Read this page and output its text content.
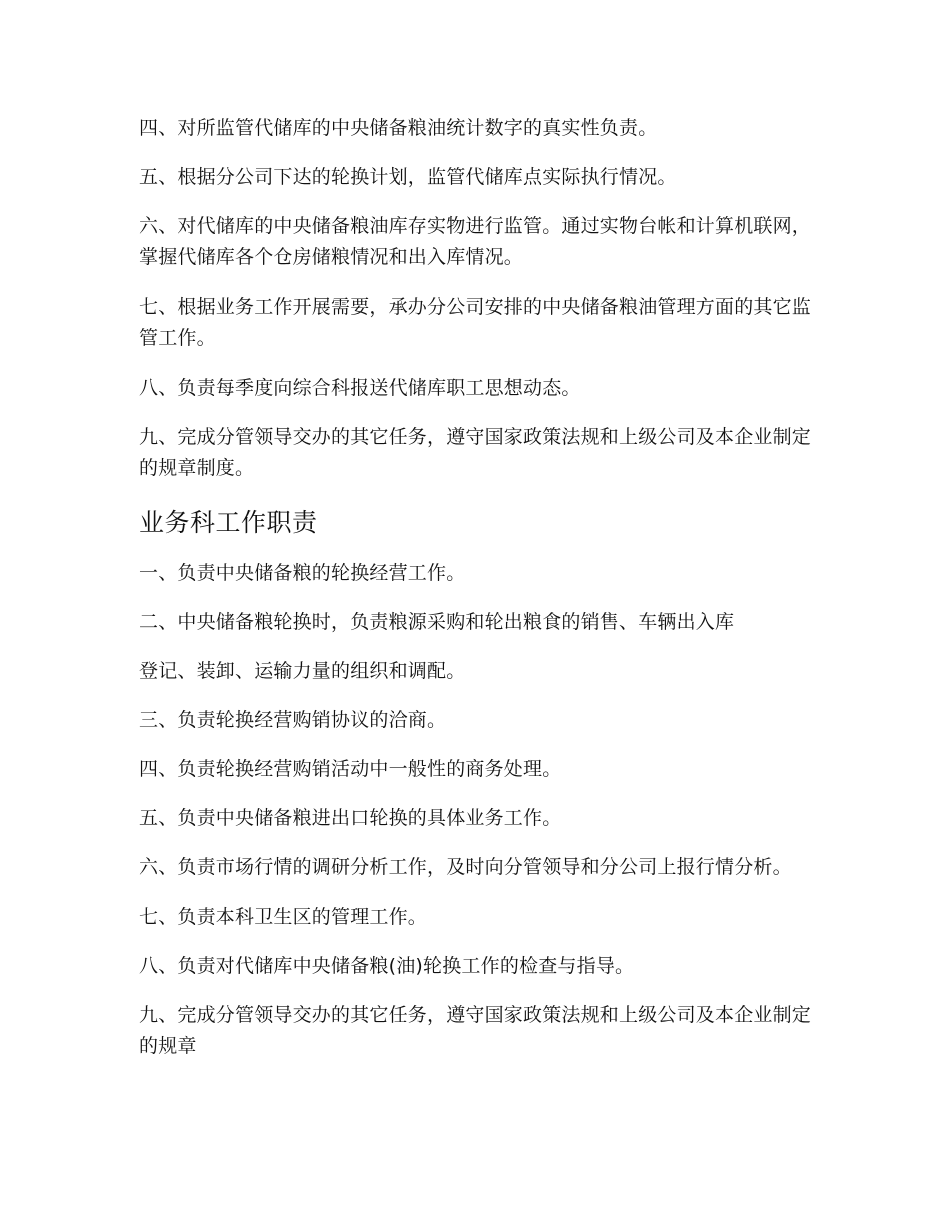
四、对所监管代储库的中央储备粮油统计数字的真实性负责。

五、根据分公司下达的轮换计划，监管代储库点实际执行情况。

六、对代储库的中央储备粮油库存实物进行监管。通过实物台帐和计算机联网，掌握代储库各个仓房储粮情况和出入库情况。

七、根据业务工作开展需要，承办分公司安排的中央储备粮油管理方面的其它监管工作。

八、负责每季度向综合科报送代储库职工思想动态。

九、完成分管领导交办的其它任务，遵守国家政策法规和上级公司及本企业制定的规章制度。

业务科工作职责

一、负责中央储备粮的轮换经营工作。

二、中央储备粮轮换时，负责粮源采购和轮出粮食的销售、车辆出入库

登记、装卸、运输力量的组织和调配。

三、负责轮换经营购销协议的洽商。

四、负责轮换经营购销活动中一般性的商务处理。

五、负责中央储备粮进出口轮换的具体业务工作。

六、负责市场行情的调研分析工作，及时向分管领导和分公司上报行情分析。

七、负责本科卫生区的管理工作。

八、负责对代储库中央储备粮(油)轮换工作的检查与指导。

九、完成分管领导交办的其它任务，遵守国家政策法规和上级公司及本企业制定的规章
